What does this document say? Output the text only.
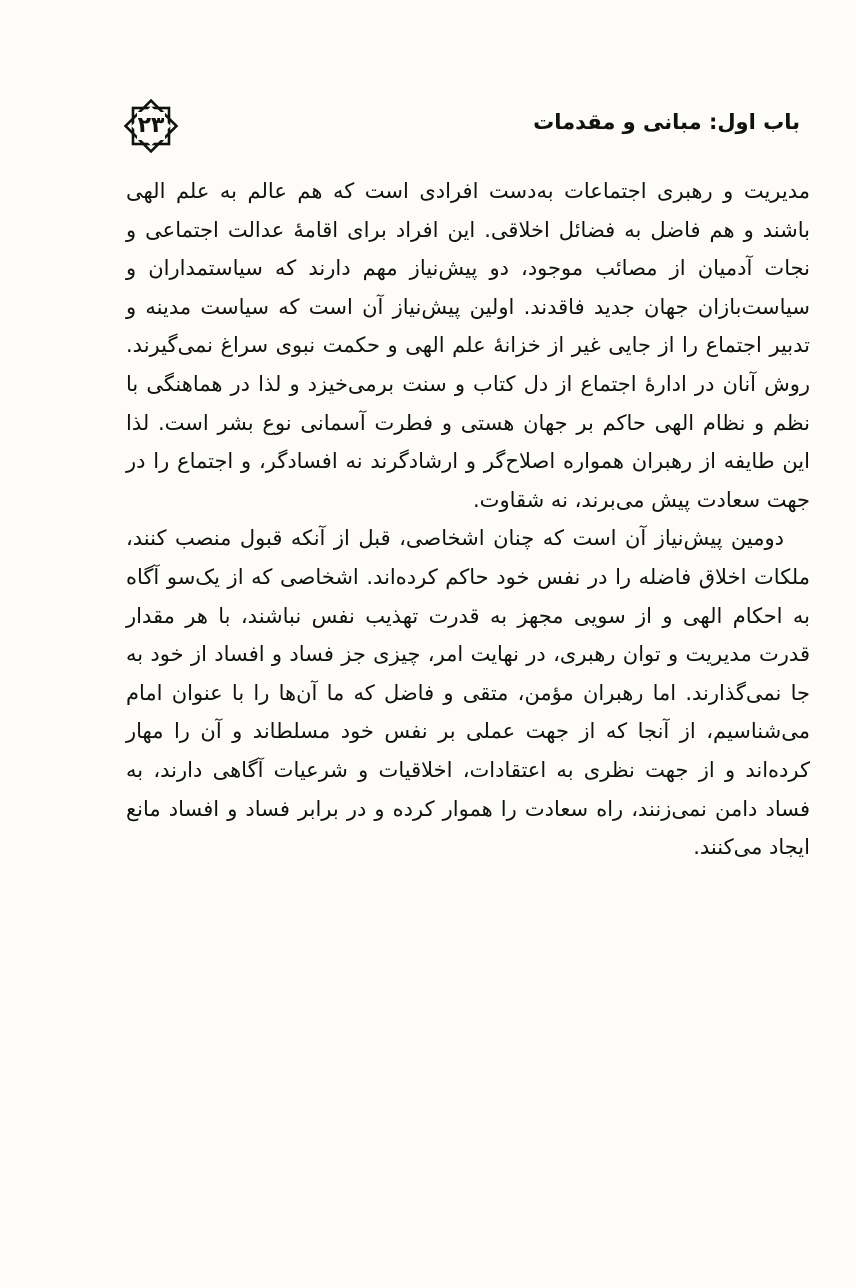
باب اول: مبانی و مقدمات
۲۳

مدیریت و رهبری اجتماعات به‌دست افرادی است که هم عالم به علم الهی باشند و هم فاضل به فضائل اخلاقی. این افراد برای اقامهٔ عدالت اجتماعی و نجات آدمیان از مصائب موجود، دو پیش‌نیاز مهم دارند که سیاستمداران و سیاست‌بازان جهان جدید فاقدند. اولین پیش‌نیاز آن است که سیاست مدینه و تدبیر اجتماع را از جایی غیر از خزانهٔ علم الهی و حکمت نبوی سراغ نمی‌گیرند. روش آنان در ادارهٔ اجتماع از دل کتاب و سنت برمی‌خیزد و لذا در هماهنگی با نظم و نظام الهی حاکم بر جهان هستی و فطرت آسمانی نوع بشر است. لذا این طایفه از رهبران همواره اصلاح‌گر و ارشادگرند نه افسادگر، و اجتماع را در جهت سعادت پیش می‌برند، نه شقاوت.

دومین پیش‌نیاز آن است که چنان اشخاصی، قبل از آنکه قبول منصب کنند، ملکات اخلاق فاضله را در نفس خود حاکم کرده‌اند. اشخاصی که از یک‌سو آگاه به احکام الهی و از سویی مجهز به قدرت تهذیب نفس نباشند، با هر مقدار قدرت مدیریت و توان رهبری، در نهایت امر، چیزی جز فساد و افساد از خود به جا نمی‌گذارند. اما رهبران مؤمن، متقی و فاضل که ما آن‌ها را با عنوان امام می‌شناسیم، از آنجا که از جهت عملی بر نفس خود مسلطاند و آن را مهار کرده‌اند و از جهت نظری به اعتقادات، اخلاقیات و شرعیات آگاهی دارند، به فساد دامن نمی‌زنند، راه سعادت را هموار کرده و در برابر فساد و افساد مانع ایجاد می‌کنند.
